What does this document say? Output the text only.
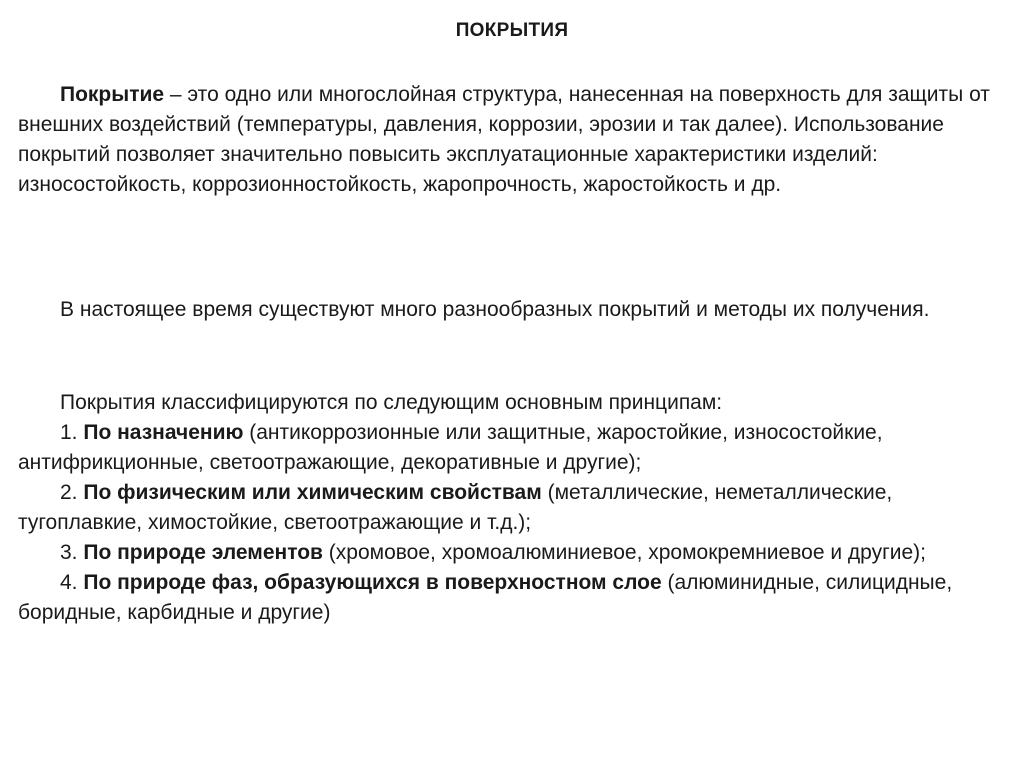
ПОКРЫТИЯ

Покрытие – это одно или многослойная структура, нанесенная на поверхность для защиты от внешних воздействий (температуры, давления, коррозии, эрозии и так далее). Использование покрытий позволяет значительно повысить эксплуатационные характеристики изделий: износостойкость, коррозионностойкость, жаропрочность, жаростойкость и др.

В настоящее время существуют много разнообразных покрытий и методы их получения.

Покрытия классифицируются по следующим основным принципам:

1. По назначению (антикоррозионные или защитные, жаростойкие, износостойкие, антифрикционные, светоотражающие, декоративные и другие);

2. По физическим или химическим свойствам (металлические, неметаллические, тугоплавкие, химостойкие, светоотражающие и т.д.);

3. По природе элементов (хромовое, хромоалюминиевое, хромокремниевое и другие);

4. По природе фаз, образующихся в поверхностном слое (алюминидные, силицидные, боридные, карбидные и другие)
